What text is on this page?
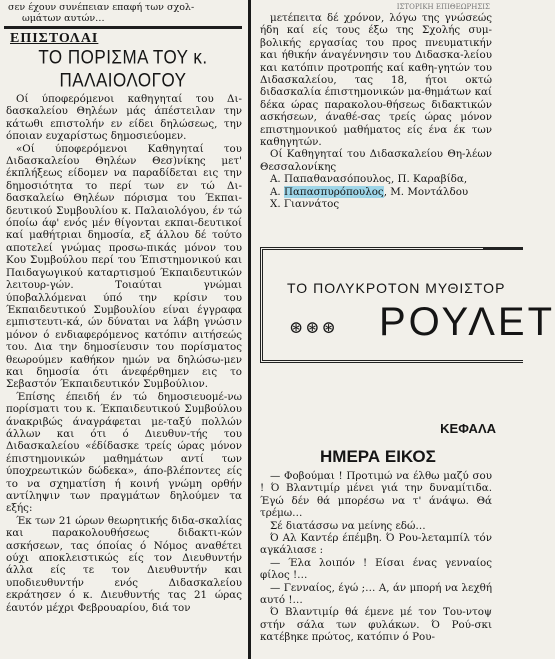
σεν έχουν συνέπειαν επαφή των σχολ-
ωμάτων αυτών…
ΕΠΙΣΤΟΛΑΙ
ΤΟ ΠΟΡΙΣΜΑ ΤΟΥ κ. ΠΑΛΑΙΟΛΟΓΟΥ

Οί ύποφερόμενοι καθηγηταί του Δι-δασκαλείου Θηλέων μάς άπέστειλαν την κάτωθι επιστολήν εν είδει δηλώσεως, την όποιαν ευχαρίστως δημοσιεύομεν.

«Οί ύποφερόμενοι Καθηγηταί του Διδασκαλείου Θηλέων Θεσ)νίκης μετ' έκπλήξεως είδομεν να παραδίδεται εις την δημοσιότητα το περί των εν τώ Δι-δασκαλείω Θηλέων πόρισμα του Έκπαι-δευτικού Συμβουλίου κ. Παλαιολόγου, έν τώ όποίω άφ' ενός μέν θίγονται εκπαι-δευτικοί καί μαθήτριαι δημοσία, εξ άλλου δέ τούτο αποτελεί γνώμας προσω-πικάς μόνον του Κου Συμβούλου περί του Έπιστημονικού και Παιδαγωγικού καταρτισμού Έκπαιδευτικών λειτουρ-γών. Τοιαύται γνώμαι ύποβαλλόμεναι ύπό την κρίσιν του Έκπαιδευτικού Συμβουλίου είναι έγγραφα εμπιστευτι-κά, ών δύναται να λάβη γνώσιν μόνον ό ενδιαφερόμενος κατόπιν αιτήσεώς του. Δια την δημοσίευσιν του πορίσματος θεωρούμεν καθήκον ημών να δηλώσω-μεν και δημοσία ότι άνεφέρθημεν εις το Σεβαστόν Έκπαιδευτικόν Συμβούλιον.

Έπίσης έπειδή έν τώ δημοσιευομέ-νω πορίσματι του κ. Έκπαιδευτικού Συμβούλου άνακριβώς άναγράφεται με-ταξύ πολλών άλλων και ότι ό Διευθυν-τής του Διδασκαλείου «έδίδασκε τρείς ώρας μόνον έπιστημονικών μαθημάτων αντί των ύποχρεωτικών δώδεκα», άπο-βλέποντες είς το να σχηματίση ή κοινή γνώμη ορθήν αντίληψιν των πραγμάτων δηλούμεν τα εξής:

Έκ των 21 ώρων θεωρητικής διδα-σκαλίας και παρακολουθήσεως διδακτι-κών ασκήσεων, τας όποίας ό Νόμος αναθέτει ούχι αποκλειστικώς είς τον Διευθυντήν άλλα είς τε τον Διευθυντήν και υποδιευθυντήν ενός Διδασκαλείου εκράτησεν ό κ. Διευθυντής τας 21 ώρας έαυτόν μέχρι Φεβρουαρίου, διά τον

ΙΣΤΟΡΙΚΗ ΕΠΙΘΕΩΡΗΣΙΣ

μετέπειτα δέ χρόνον, λόγω της γνώσεώς ήδη καί είς τους έξω της Σχολής συμ-βολικής εργασίας του προς πνευματικήν και ήθικήν άναγέννησιν του Διδασκα-λείου και κατόπιν προτροπής καί καθη-γητών του Διδασκαλείου, τας 18, ήτοι οκτώ διδασκαλία έπιστημονικών μα-θημάτων καί δέκα ώρας παρακολου-θήσεως διδακτικών ασκήσεων, άναθέ-σας τρείς ώρας μόνον επιστημονικού μαθήματος είς ένα έκ των καθηγητών.

Οί Καθηγηταί του Διδασκαλείου Θη-λέων Θεσσαλονίκης

Α. Παπαθανασόπουλος, Π. Καραβίδα,

Α. Παπασπυρόπουλος, Μ. Μοντάλδου

Χ. Γιαννάτος

ΤΟ ΠΟΛΥΚΡΟΤΟΝ ΜΥΘΙΣΤΟΡ
⊛⊛⊛ ΡΟΥΛΕΤ
ΚΕΦΑΛΑ
ΗΜΕΡΑ ΕΙΚΟΣ

— Φοβούμαι ! Προτιμώ να έλθω μαζύ σου ! Ό Βλαντιμίρ μένει γιά την δυναμίτιδα. Έγώ δέν θά μπορέσω να τ' άνάψω. Θά τρέμω…

Σέ διατάσσω να μείνης εδώ…

Ό Αλ Καντέρ έπέμβη. Ό Ρου-λεταμπίλ τόν αγκάλιασε :

— Έλα λοιπόν ! Είσαι ένας γενναίος φίλος !…

— Γενναίος, έγώ ;… Α, άν μπορή να λεχθή αυτό !…

Ό Βλαντιμίρ θά έμενε μέ τον Του-ντοψ στήν σάλα των φυλάκων. Ό Ρού-σκι κατέβηκε πρώτος, κατόπιν ό Ρου-
